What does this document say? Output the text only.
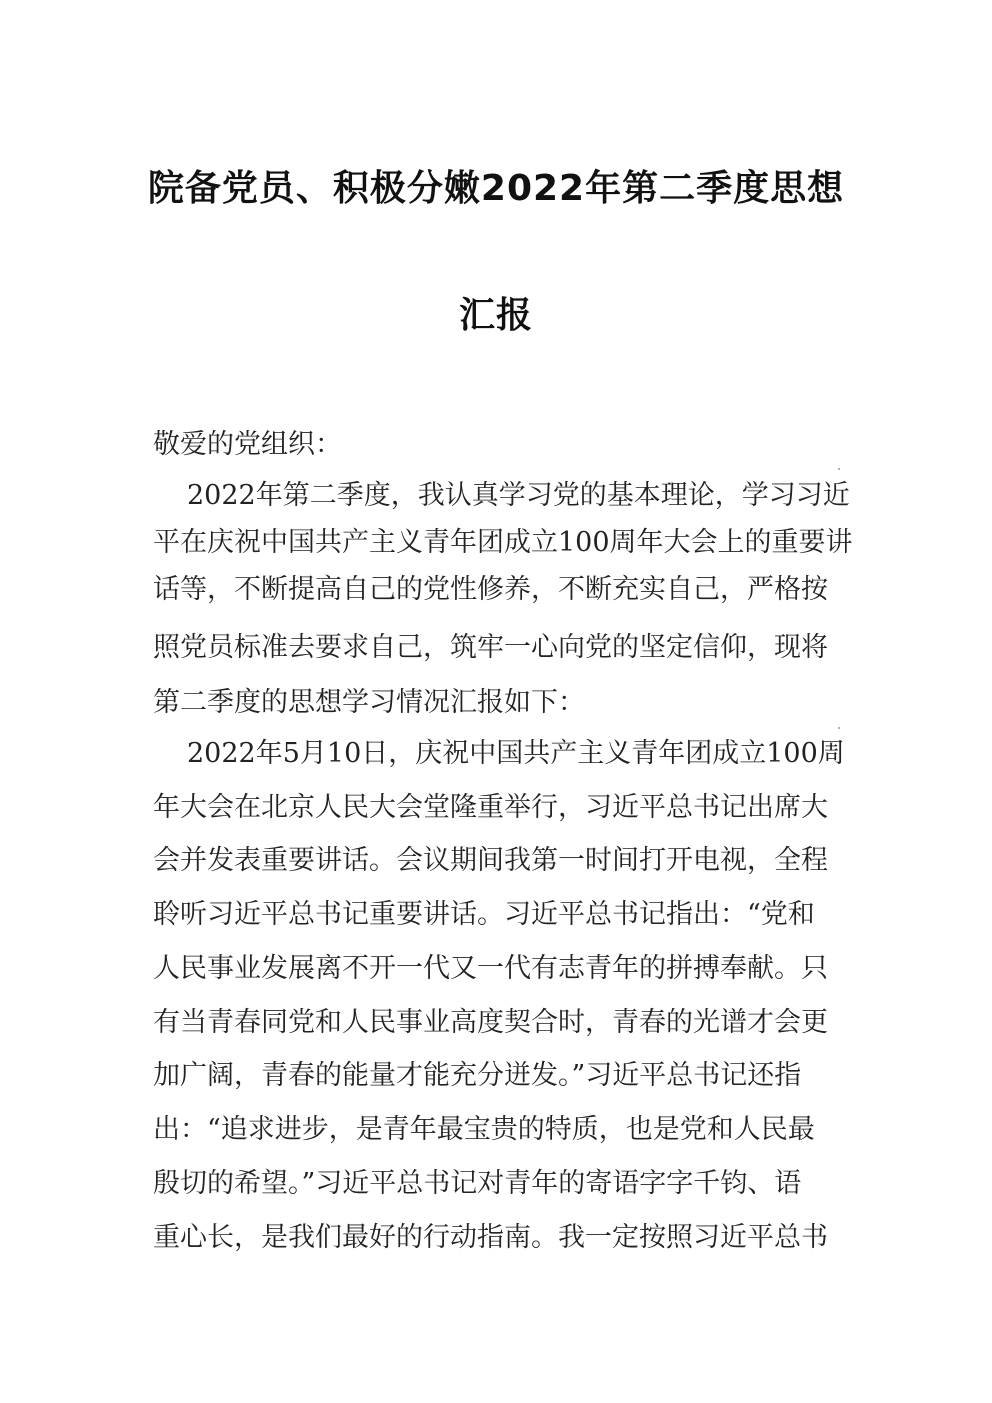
院备党员、积极分嫩2022年第二季度思想
汇报
敬爱的党组织：
2022年第二季度，我认真学习党的基本理论，学习习近
平在庆祝中国共产主义青年团成立100周年大会上的重要讲
话等，不断提高自己的党性修养，不断充实自己，严格按
照党员标准去要求自己，筑牢一心向党的坚定信仰，现将
第二季度的思想学习情况汇报如下：
2022年5月10日，庆祝中国共产主义青年团成立100周
年大会在北京人民大会堂隆重举行，习近平总书记出席大
会并发表重要讲话。会议期间我第一时间打开电视，全程
聆听习近平总书记重要讲话。习近平总书记指出：“党和
人民事业发展离不开一代又一代有志青年的拼搏奉献。只
有当青春同党和人民事业高度契合时，青春的光谱才会更
加广阔，青春的能量才能充分迸发。”习近平总书记还指
出：“追求进步，是青年最宝贵的特质，也是党和人民最
殷切的希望。”习近平总书记对青年的寄语字字千钧、语
重心长，是我们最好的行动指南。我一定按照习近平总书
